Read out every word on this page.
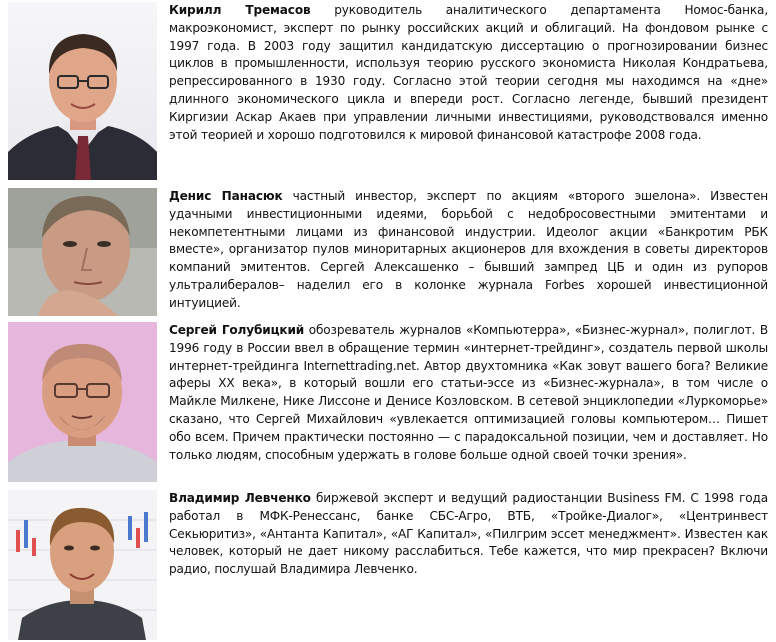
Кирилл Тремасов руководитель аналитического департамента Номос-банка, макроэкономист, эксперт по рынку российских акций и облигаций. На фондовом рынке с 1997 года. В 2003 году защитил кандидатскую диссертацию о прогнозировании бизнес циклов в промышленности, используя теорию русского экономиста Николая Кондратьева, репрессированного в 1930 году. Согласно этой теории сегодня мы находимся на «дне» длинного экономического цикла и впереди рост. Согласно легенде, бывший президент Киргизии Аскар Акаев при управлении личными инвестициями, руководствовался именно этой теорией и хорошо подготовился к мировой финансовой катастрофе 2008 года.
Денис Панасюк частный инвестор, эксперт по акциям «второго эшелона». Известен удачными инвестиционными идеями, борьбой с недобросовестными эмитентами и некомпетентными лицами из финансовой индустрии. Идеолог акции «Банкротим РБК вместе», организатор пулов миноритарных акционеров для вхождения в советы директоров компаний эмитентов. Сергей Алексашенко – бывший зампред ЦБ и один из рупоров ультралибералов– наделил его в колонке журнала Forbes хорошей инвестиционной интуицией.
Сергей Голубицкий обозреватель журналов «Компьютерра», «Бизнес-журнал», полиглот. В 1996 году в России ввел в обращение термин «интернет-трейдинг», создатель первой школы интернет-трейдинга Internettrading.net. Автор двухтомника «Как зовут вашего бога? Великие аферы XX века», в который вошли его статьи-эссе из «Бизнес-журнала», в том числе о Майкле Милкене, Нике Лиссоне и Денисе Козловском. В сетевой энциклопедии «Луркоморье» сказано, что Сергей Михайлович «увлекается оптимизацией головы компьютером… Пишет обо всем. Причем практически постоянно — с парадоксальной позиции, чем и доставляет. Но только людям, способным удержать в голове больше одной своей точки зрения».
Владимир Левченко биржевой эксперт и ведущий радиостанции Business FM. С 1998 года работал в МФК-Ренессанс, банке СБС-Агро, ВТБ, «Тройке-Диалог», «Центринвест Секьюритиз», «Антанта Капитал», «АГ Капитал», «Пилгрим эссет менеджмент». Известен как человек, который не дает никому расслабиться. Тебе кажется, что мир прекрасен? Включи радио, послушай Владимира Левченко.
